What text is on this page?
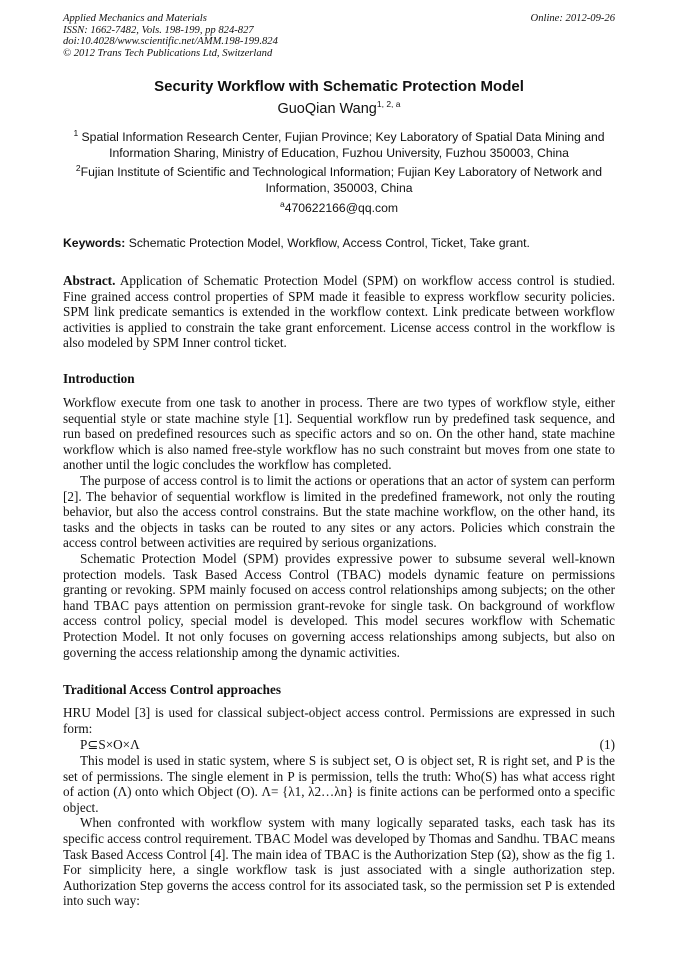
Applied Mechanics and Materials
ISSN: 1662-7482, Vols. 198-199, pp 824-827
doi:10.4028/www.scientific.net/AMM.198-199.824
© 2012 Trans Tech Publications Ltd, Switzerland
Online: 2012-09-26
Security Workflow with Schematic Protection Model
GuoQian Wang$^{1, 2, a}$
$^1$ Spatial Information Research Center, Fujian Province; Key Laboratory of Spatial Data Mining and Information Sharing, Ministry of Education, Fuzhou University, Fuzhou 350003, China
$^2$Fujian Institute of Scientific and Technological Information; Fujian Key Laboratory of Network and Information, 350003, China
$^a$470622166@qq.com
Keywords: Schematic Protection Model, Workflow, Access Control, Ticket, Take grant.
Abstract. Application of Schematic Protection Model (SPM) on workflow access control is studied. Fine grained access control properties of SPM made it feasible to express workflow security policies. SPM link predicate semantics is extended in the workflow context. Link predicate between workflow activities is applied to constrain the take grant enforcement. License access control in the workflow is also modeled by SPM Inner control ticket.
Introduction
Workflow execute from one task to another in process. There are two types of workflow style, either sequential style or state machine style [1]. Sequential workflow run by predefined task sequence, and run based on predefined resources such as specific actors and so on. On the other hand, state machine workflow which is also named free-style workflow has no such constraint but moves from one state to another until the logic concludes the workflow has completed.
The purpose of access control is to limit the actions or operations that an actor of system can perform [2]. The behavior of sequential workflow is limited in the predefined framework, not only the routing behavior, but also the access control constrains. But the state machine workflow, on the other hand, its tasks and the objects in tasks can be routed to any sites or any actors. Policies which constrain the access control between activities are required by serious organizations.
Schematic Protection Model (SPM) provides expressive power to subsume several well-known protection models. Task Based Access Control (TBAC) models dynamic feature on permissions granting or revoking. SPM mainly focused on access control relationships among subjects; on the other hand TBAC pays attention on permission grant-revoke for single task. On background of workflow access control policy, special model is developed. This model secures workflow with Schematic Protection Model. It not only focuses on governing access relationships among subjects, but also on governing the access relationship among the dynamic activities.
Traditional Access Control approaches
HRU Model [3] is used for classical subject-object access control. Permissions are expressed in such form:
P⊆S×O×Λ	(1)
This model is used in static system, where S is subject set, O is object set, R is right set, and P is the set of permissions. The single element in P is permission, tells the truth: Who(S) has what access right of action (Λ) onto which Object (O). Λ= {λ1, λ2…λn} is finite actions can be performed onto a specific object.
When confronted with workflow system with many logically separated tasks, each task has its specific access control requirement. TBAC Model was developed by Thomas and Sandhu. TBAC means Task Based Access Control [4]. The main idea of TBAC is the Authorization Step (Ω), show as the fig 1. For simplicity here, a single workflow task is just associated with a single authorization step. Authorization Step governs the access control for its associated task, so the permission set P is extended into such way:
